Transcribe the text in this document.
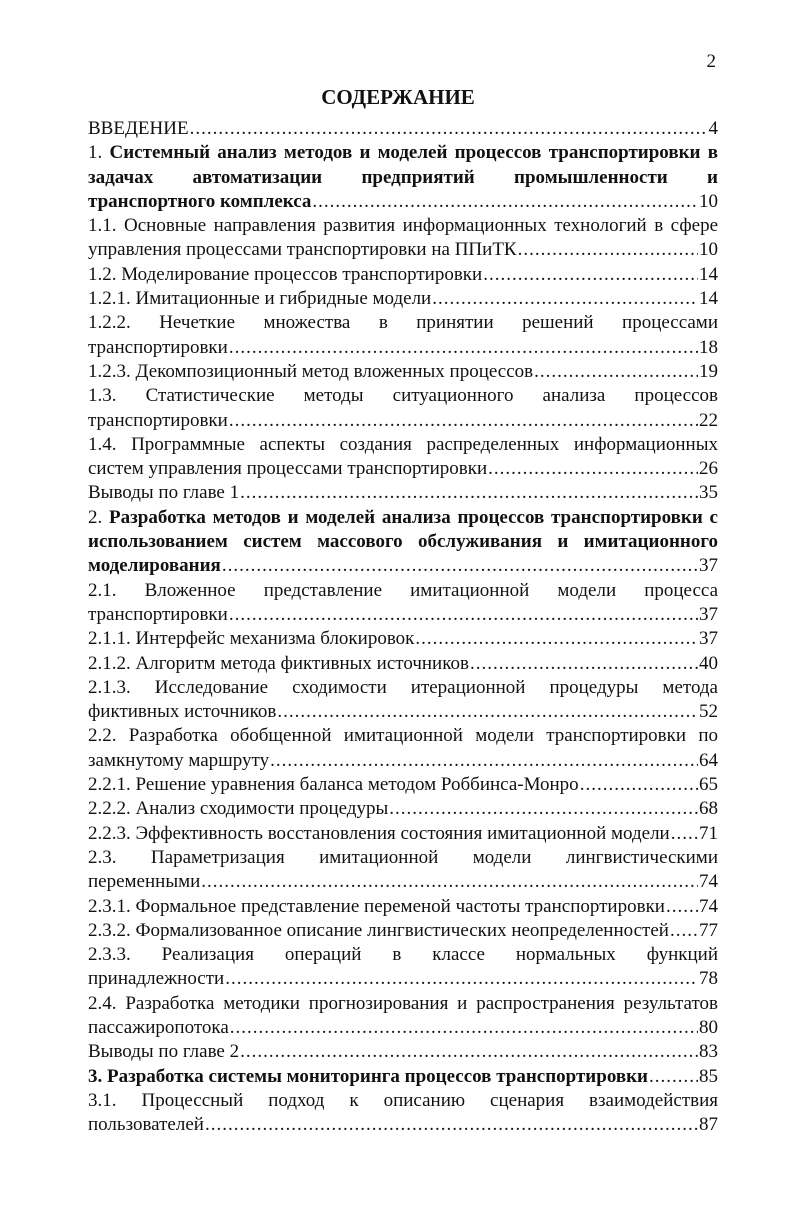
2
СОДЕРЖАНИЕ
ВВЕДЕНИЕ .....	4
1. Системный анализ методов и моделей процессов транспортировки в задачах автоматизации предприятий промышленности и
транспортного комплекса .....	10
1.1. Основные направления развития информационных технологий в сфере
управления процессами транспортировки на ППиТК .....	10
1.2. Моделирование процессов транспортировки .....	14
1.2.1. Имитационные и гибридные модели .....	14
1.2.2. Нечеткие множества в принятии решений процессами
транспортировки .....	18
1.2.3. Декомпозиционный метод вложенных процессов .....	19
1.3. Статистические методы ситуационного анализа процессов
транспортировки .....	22
1.4. Программные аспекты создания распределенных информационных
систем управления процессами транспортировки .....	26
Выводы по главе 1 .....	35
2. Разработка методов и моделей анализа процессов транспортировки с использованием систем массового обслуживания и имитационного
моделирования .....	37
2.1. Вложенное представление имитационной модели процесса
транспортировки .....	37
2.1.1. Интерфейс механизма блокировок .....	37
2.1.2. Алгоритм метода фиктивных источников .....	40
2.1.3. Исследование сходимости итерационной процедуры метода
фиктивных источников .....	52
2.2. Разработка обобщенной имитационной модели транспортировки по
замкнутому маршруту .....	64
2.2.1. Решение уравнения баланса методом Роббинса-Монро .....	65
2.2.2. Анализ сходимости процедуры .....	68
2.2.3. Эффективность восстановления состояния имитационной модели ..... 71
2.3. Параметризация имитационной модели лингвистическими
переменными .....	74
2.3.1. Формальное представление переменой частоты транспортировки ..... 74
2.3.2. Формализованное описание лингвистических неопределенностей ..... 77
2.3.3. Реализация операций в классе нормальных функций
принадлежности .....	78
2.4. Разработка методики прогнозирования и распространения результатов
пассажиропотока .....	80
Выводы по главе 2 .....	83
3. Разработка системы мониторинга процессов транспортировки .....	85
3.1. Процессный подход к описанию сценария взаимодействия
пользователей .....	87
